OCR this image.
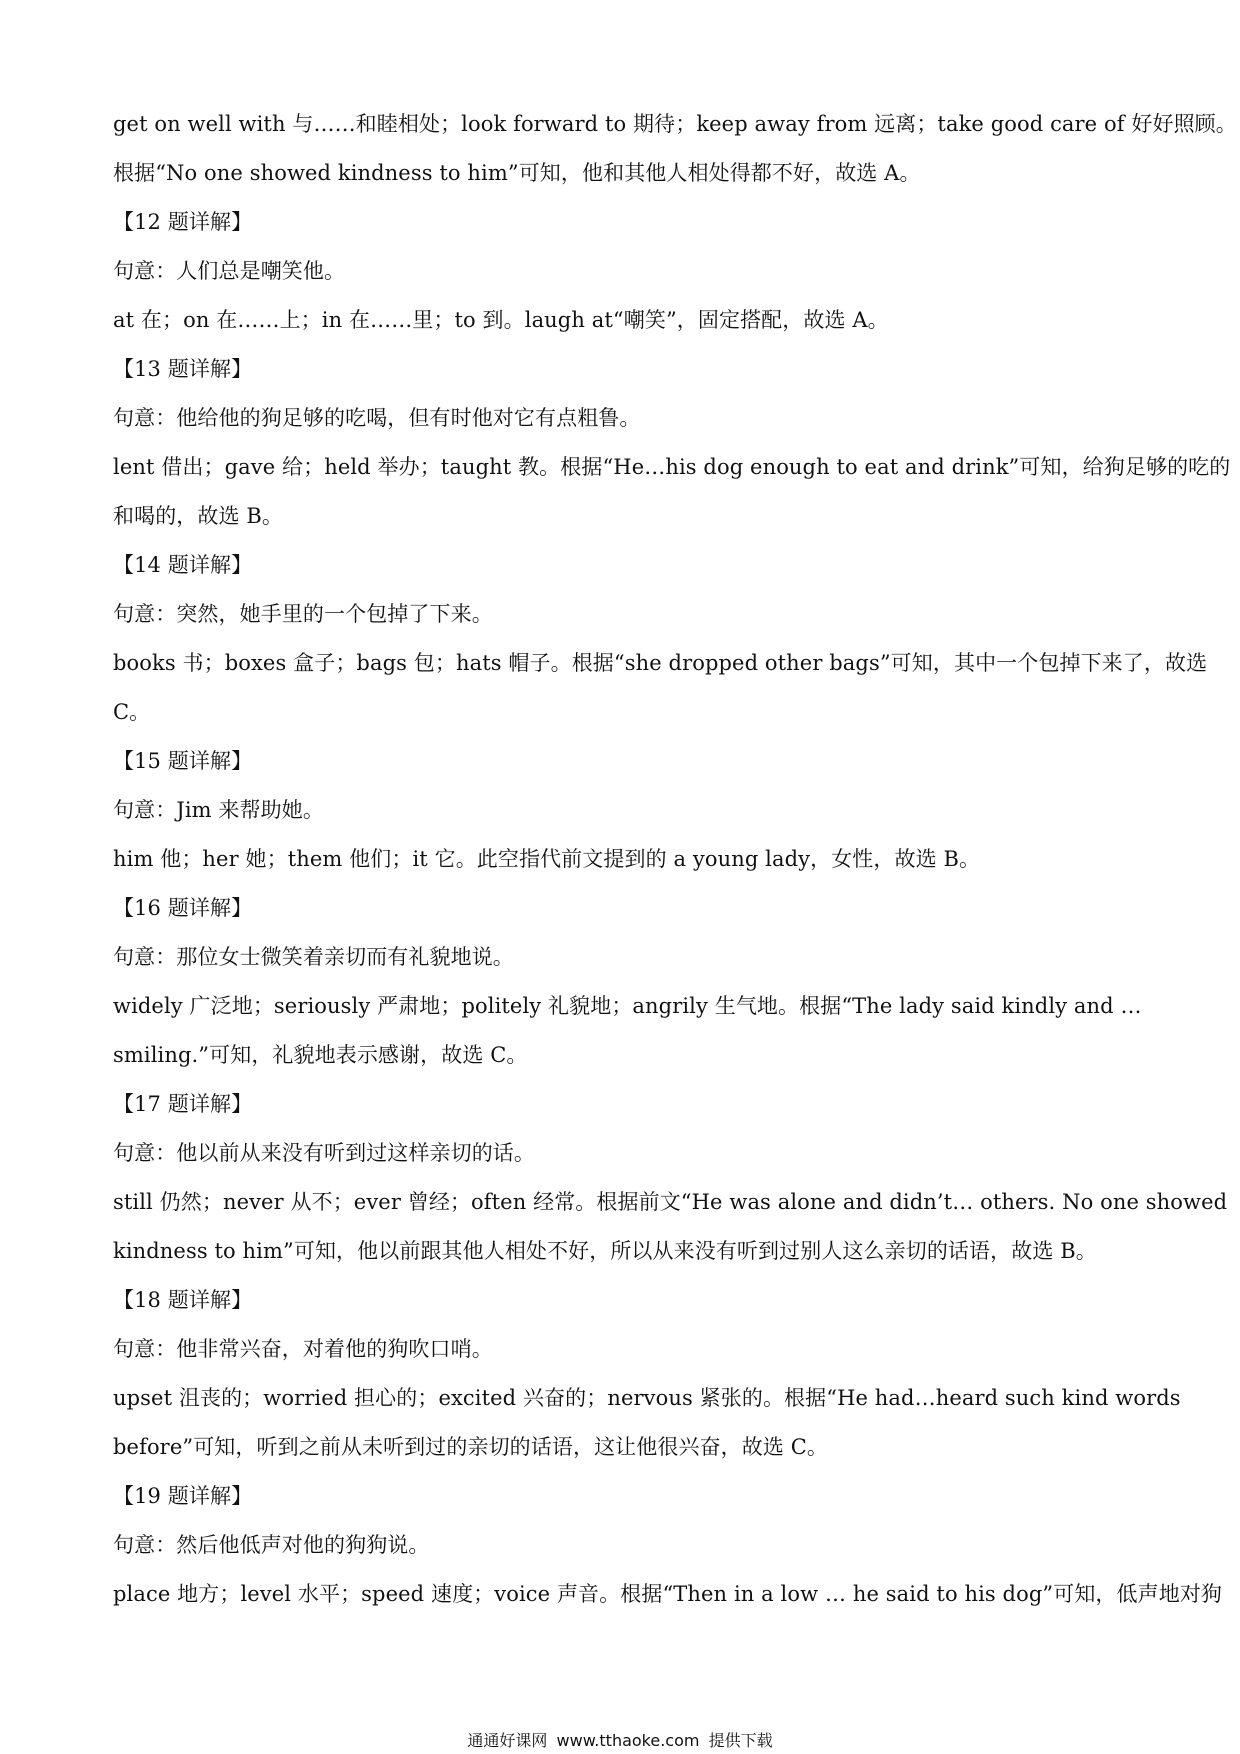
get on well with 与……和睦相处；look forward to 期待；keep away from 远离；take good care of 好好照顾。
根据“No one showed kindness to him”可知，他和其他人相处得都不好，故选 A。
【12 题详解】
句意：人们总是嘲笑他。
at 在；on 在……上；in 在……里；to 到。laugh at“嘲笑”，固定搭配，故选 A。
【13 题详解】
句意：他给他的狗足够的吃喝，但有时他对它有点粗鲁。
lent 借出；gave 给；held 举办；taught 教。根据“He…his dog enough to eat and drink”可知，给狗足够的吃的
和喝的，故选 B。
【14 题详解】
句意：突然，她手里的一个包掉了下来。
books 书；boxes 盒子；bags 包；hats 帽子。根据“she dropped other bags”可知，其中一个包掉下来了，故选
C。
【15 题详解】
句意：Jim 来帮助她。
him 他；her 她；them 他们；it 它。此空指代前文提到的 a young lady，女性，故选 B。
【16 题详解】
句意：那位女士微笑着亲切而有礼貌地说。
widely 广泛地；seriously 严肃地；politely 礼貌地；angrily 生气地。根据“The lady said kindly and …
smiling.”可知，礼貌地表示感谢，故选 C。
【17 题详解】
句意：他以前从来没有听到过这样亲切的话。
still 仍然；never 从不；ever 曾经；often 经常。根据前文“He was alone and didn’t… others. No one showed
kindness to him”可知，他以前跟其他人相处不好，所以从来没有听到过别人这么亲切的话语，故选 B。
【18 题详解】
句意：他非常兴奋，对着他的狗吹口哨。
upset 沮丧的；worried 担心的；excited 兴奋的；nervous 紧张的。根据“He had…heard such kind words
before”可知，听到之前从未听到过的亲切的话语，这让他很兴奋，故选 C。
【19 题详解】
句意：然后他低声对他的狗狗说。
place 地方；level 水平；speed 速度；voice 声音。根据“Then in a low … he said to his dog”可知，低声地对狗
通通好课网 www.tthaoke.com 提供下载
